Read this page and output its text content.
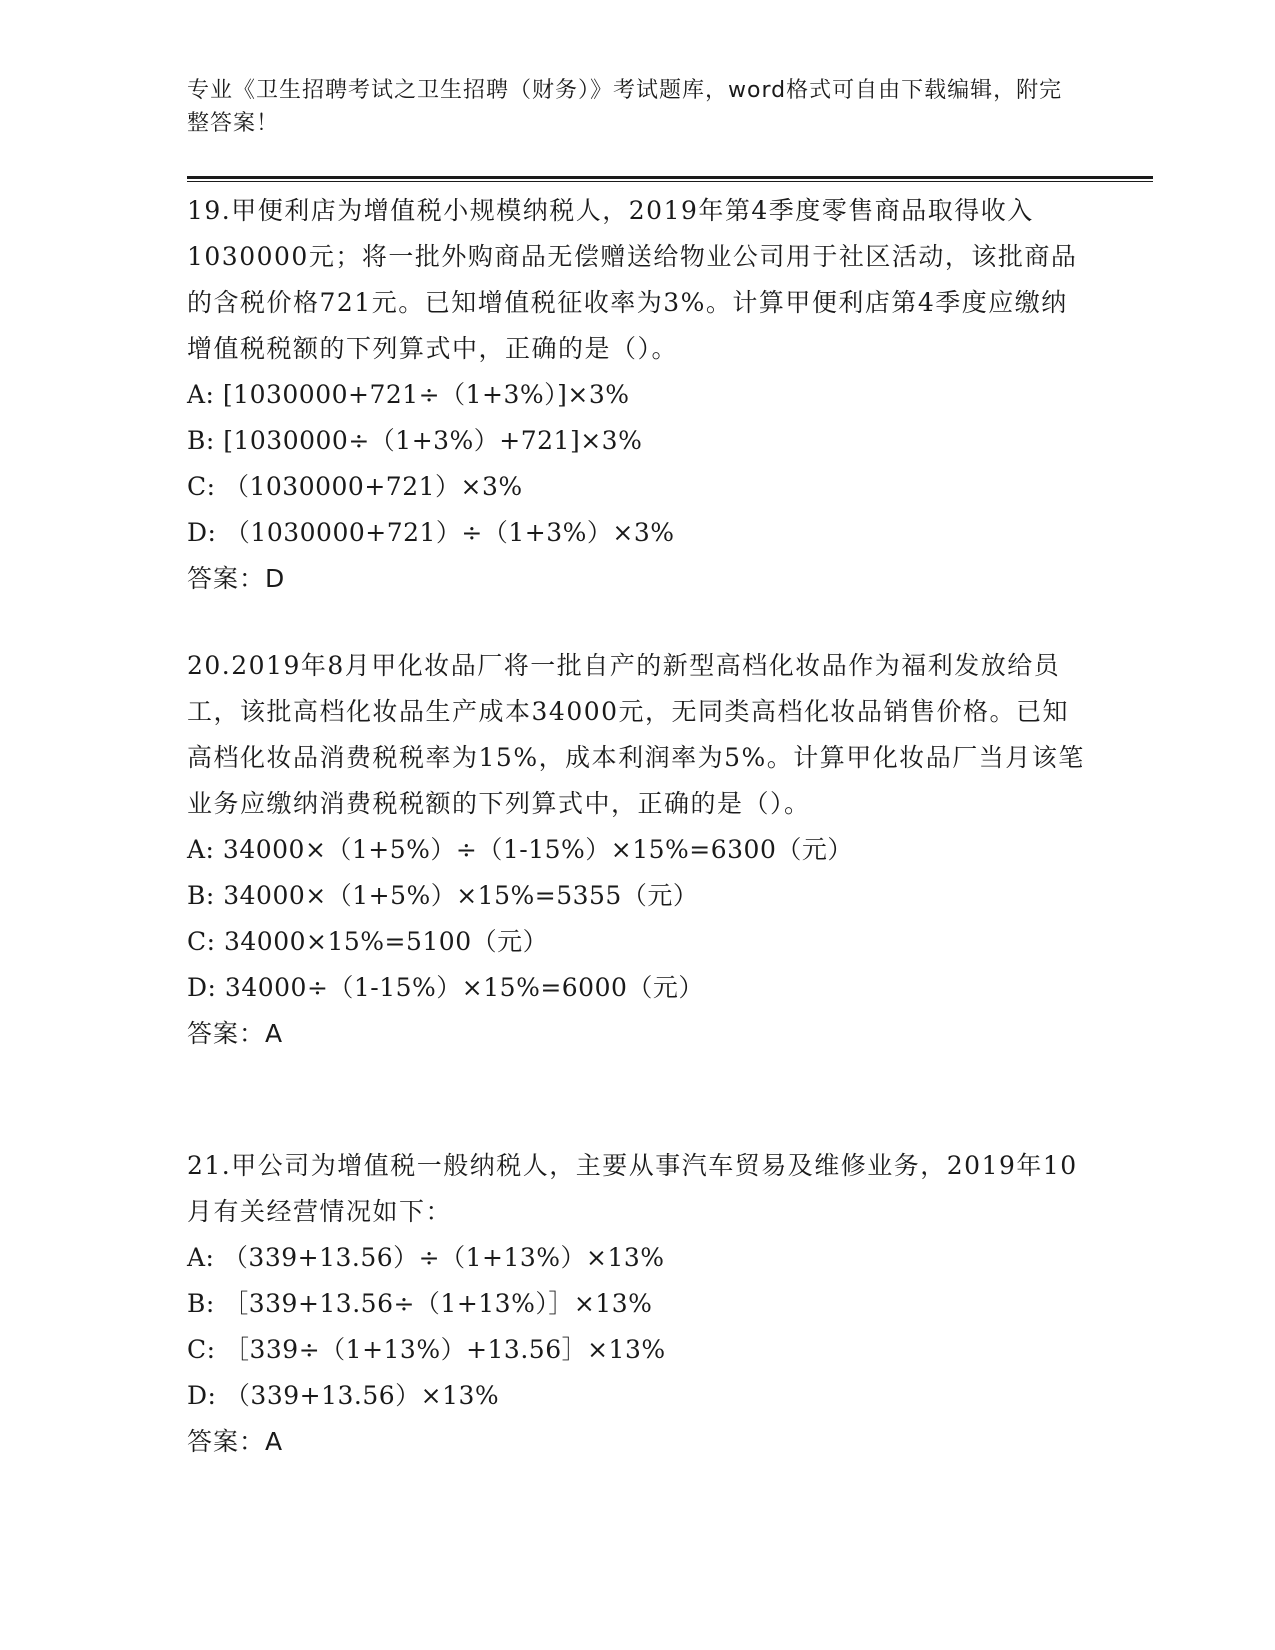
专业《卫生招聘考试之卫生招聘（财务）》考试题库，word格式可自由下载编辑，附完整答案！

19.甲便利店为增值税小规模纳税人，2019年第4季度零售商品取得收入1030000元；将一批外购商品无偿赠送给物业公司用于社区活动，该批商品的含税价格721元。已知增值税征收率为3%。计算甲便利店第4季度应缴纳增值税税额的下列算式中，正确的是（）。

A: [1030000+721÷（1+3%）]×3%

B: [1030000÷（1+3%）+721]×3%

C: （1030000+721）×3%

D: （1030000+721）÷（1+3%）×3%

答案：D

20.2019年8月甲化妆品厂将一批自产的新型高档化妆品作为福利发放给员工，该批高档化妆品生产成本34000元，无同类高档化妆品销售价格。已知高档化妆品消费税税率为15%，成本利润率为5%。计算甲化妆品厂当月该笔业务应缴纳消费税税额的下列算式中，正确的是（）。

A: 34000×（1+5%）÷（1-15%）×15%=6300（元）

B: 34000×（1+5%）×15%=5355（元）

C: 34000×15%=5100（元）

D: 34000÷（1-15%）×15%=6000（元）

答案：A

21.甲公司为增值税一般纳税人，主要从事汽车贸易及维修业务，2019年10月有关经营情况如下：

A: （339+13.56）÷（1+13%）×13%

B: ［339+13.56÷（1+13%）］×13%

C: ［339÷（1+13%）+13.56］×13%

D: （339+13.56）×13%

答案：A
